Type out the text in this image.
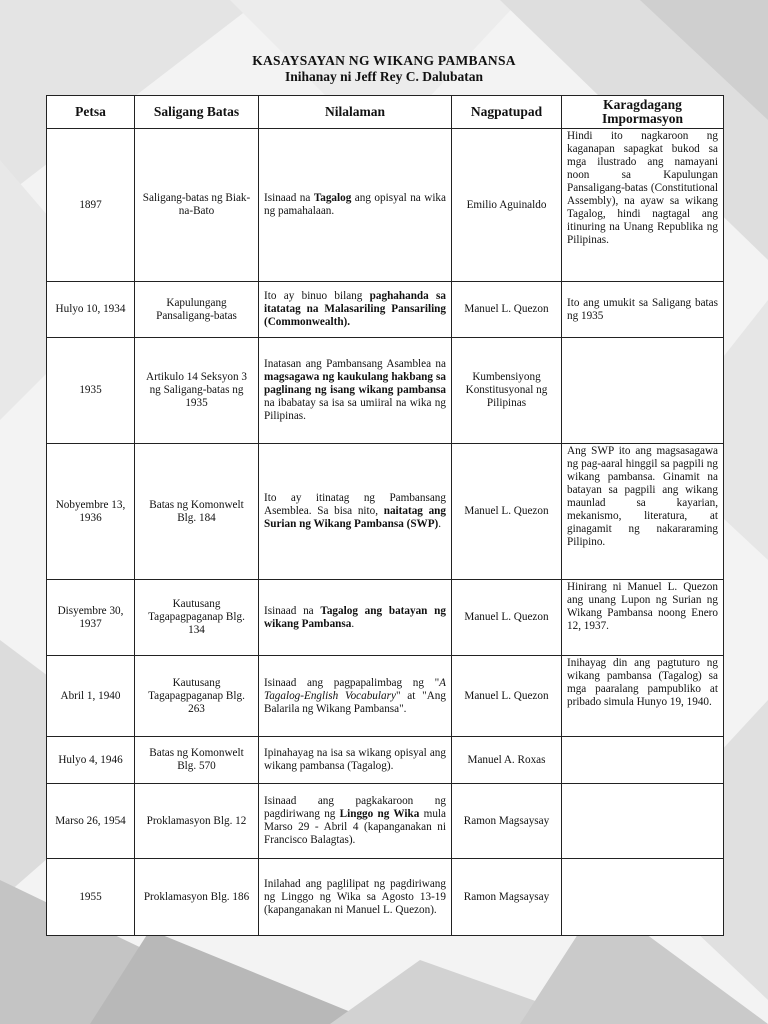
KASAYSAYAN NG WIKANG PAMBANSA
Inihanay ni Jeff Rey C. Dalubatan
Petsa	Saligang Batas	Nilalaman	Nagpatupad	Karagdagang Impormasyon
1897	Saligang-batas ng Biak-na-Bato	Isinaad na Tagalog ang opisyal na wika ng pamahalaan.	Emilio Aguinaldo	Hindi ito nagkaroon ng kaganapan sapagkat bukod sa mga ilustrado ang namayani noon sa Kapulungan Pansaligang-batas (Constitutional Assembly), na ayaw sa wikang Tagalog, hindi nagtagal ang itinuring na Unang Republika ng Pilipinas.
Hulyo 10, 1934	Kapulungang Pansaligang-batas	Ito ay binuo bilang paghahanda sa itatatag na Malasariling Pansariling (Commonwealth).	Manuel L. Quezon	Ito ang umukit sa Saligang batas ng 1935
1935	Artikulo 14 Seksyon 3 ng Saligang-batas ng 1935	Inatasan ang Pambansang Asamblea na magsagawa ng kaukulang hakbang sa paglinang ng isang wikang pambansa na ibabatay sa isa sa umiiral na wika ng Pilipinas.	Kumbensiyong Konstitusyonal ng Pilipinas	
Nobyembre 13, 1936	Batas ng Komonwelt Blg. 184	Ito ay itinatag ng Pambansang Asemblea. Sa bisa nito, naitatag ang Surian ng Wikang Pambansa (SWP).	Manuel L. Quezon	Ang SWP ito ang magsasagawa ng pag-aaral hinggil sa pagpili ng wikang pambansa. Ginamit na batayan sa pagpili ang wikang maunlad sa kayarian, mekanismo, literatura, at ginagamit ng nakararaming Pilipino.
Disyembre 30, 1937	Kautusang Tagapagpaganap Blg. 134	Isinaad na Tagalog ang batayan ng wikang Pambansa.	Manuel L. Quezon	Hinirang ni Manuel L. Quezon ang unang Lupon ng Surian ng Wikang Pambansa noong Enero 12, 1937.
Abril 1, 1940	Kautusang Tagapagpaganap Blg. 263	Isinaad ang pagpapalimbag ng "A Tagalog-English Vocabulary" at "Ang Balarila ng Wikang Pambansa".	Manuel L. Quezon	Inihayag din ang pagtuturo ng wikang pambansa (Tagalog) sa mga paaralang pampubliko at pribado simula Hunyo 19, 1940.
Hulyo 4, 1946	Batas ng Komonwelt Blg. 570	Ipinahayag na isa sa wikang opisyal ang wikang pambansa (Tagalog).	Manuel A. Roxas	
Marso 26, 1954	Proklamasyon Blg. 12	Isinaad ang pagkakaroon ng pagdiriwang ng Linggo ng Wika mula Marso 29 - Abril 4 (kapanganakan ni Francisco Balagtas).	Ramon Magsaysay	
1955	Proklamasyon Blg. 186	Inilahad ang paglilipat ng pagdiriwang ng Linggo ng Wika sa Agosto 13-19 (kapanganakan ni Manuel L. Quezon).	Ramon Magsaysay	
